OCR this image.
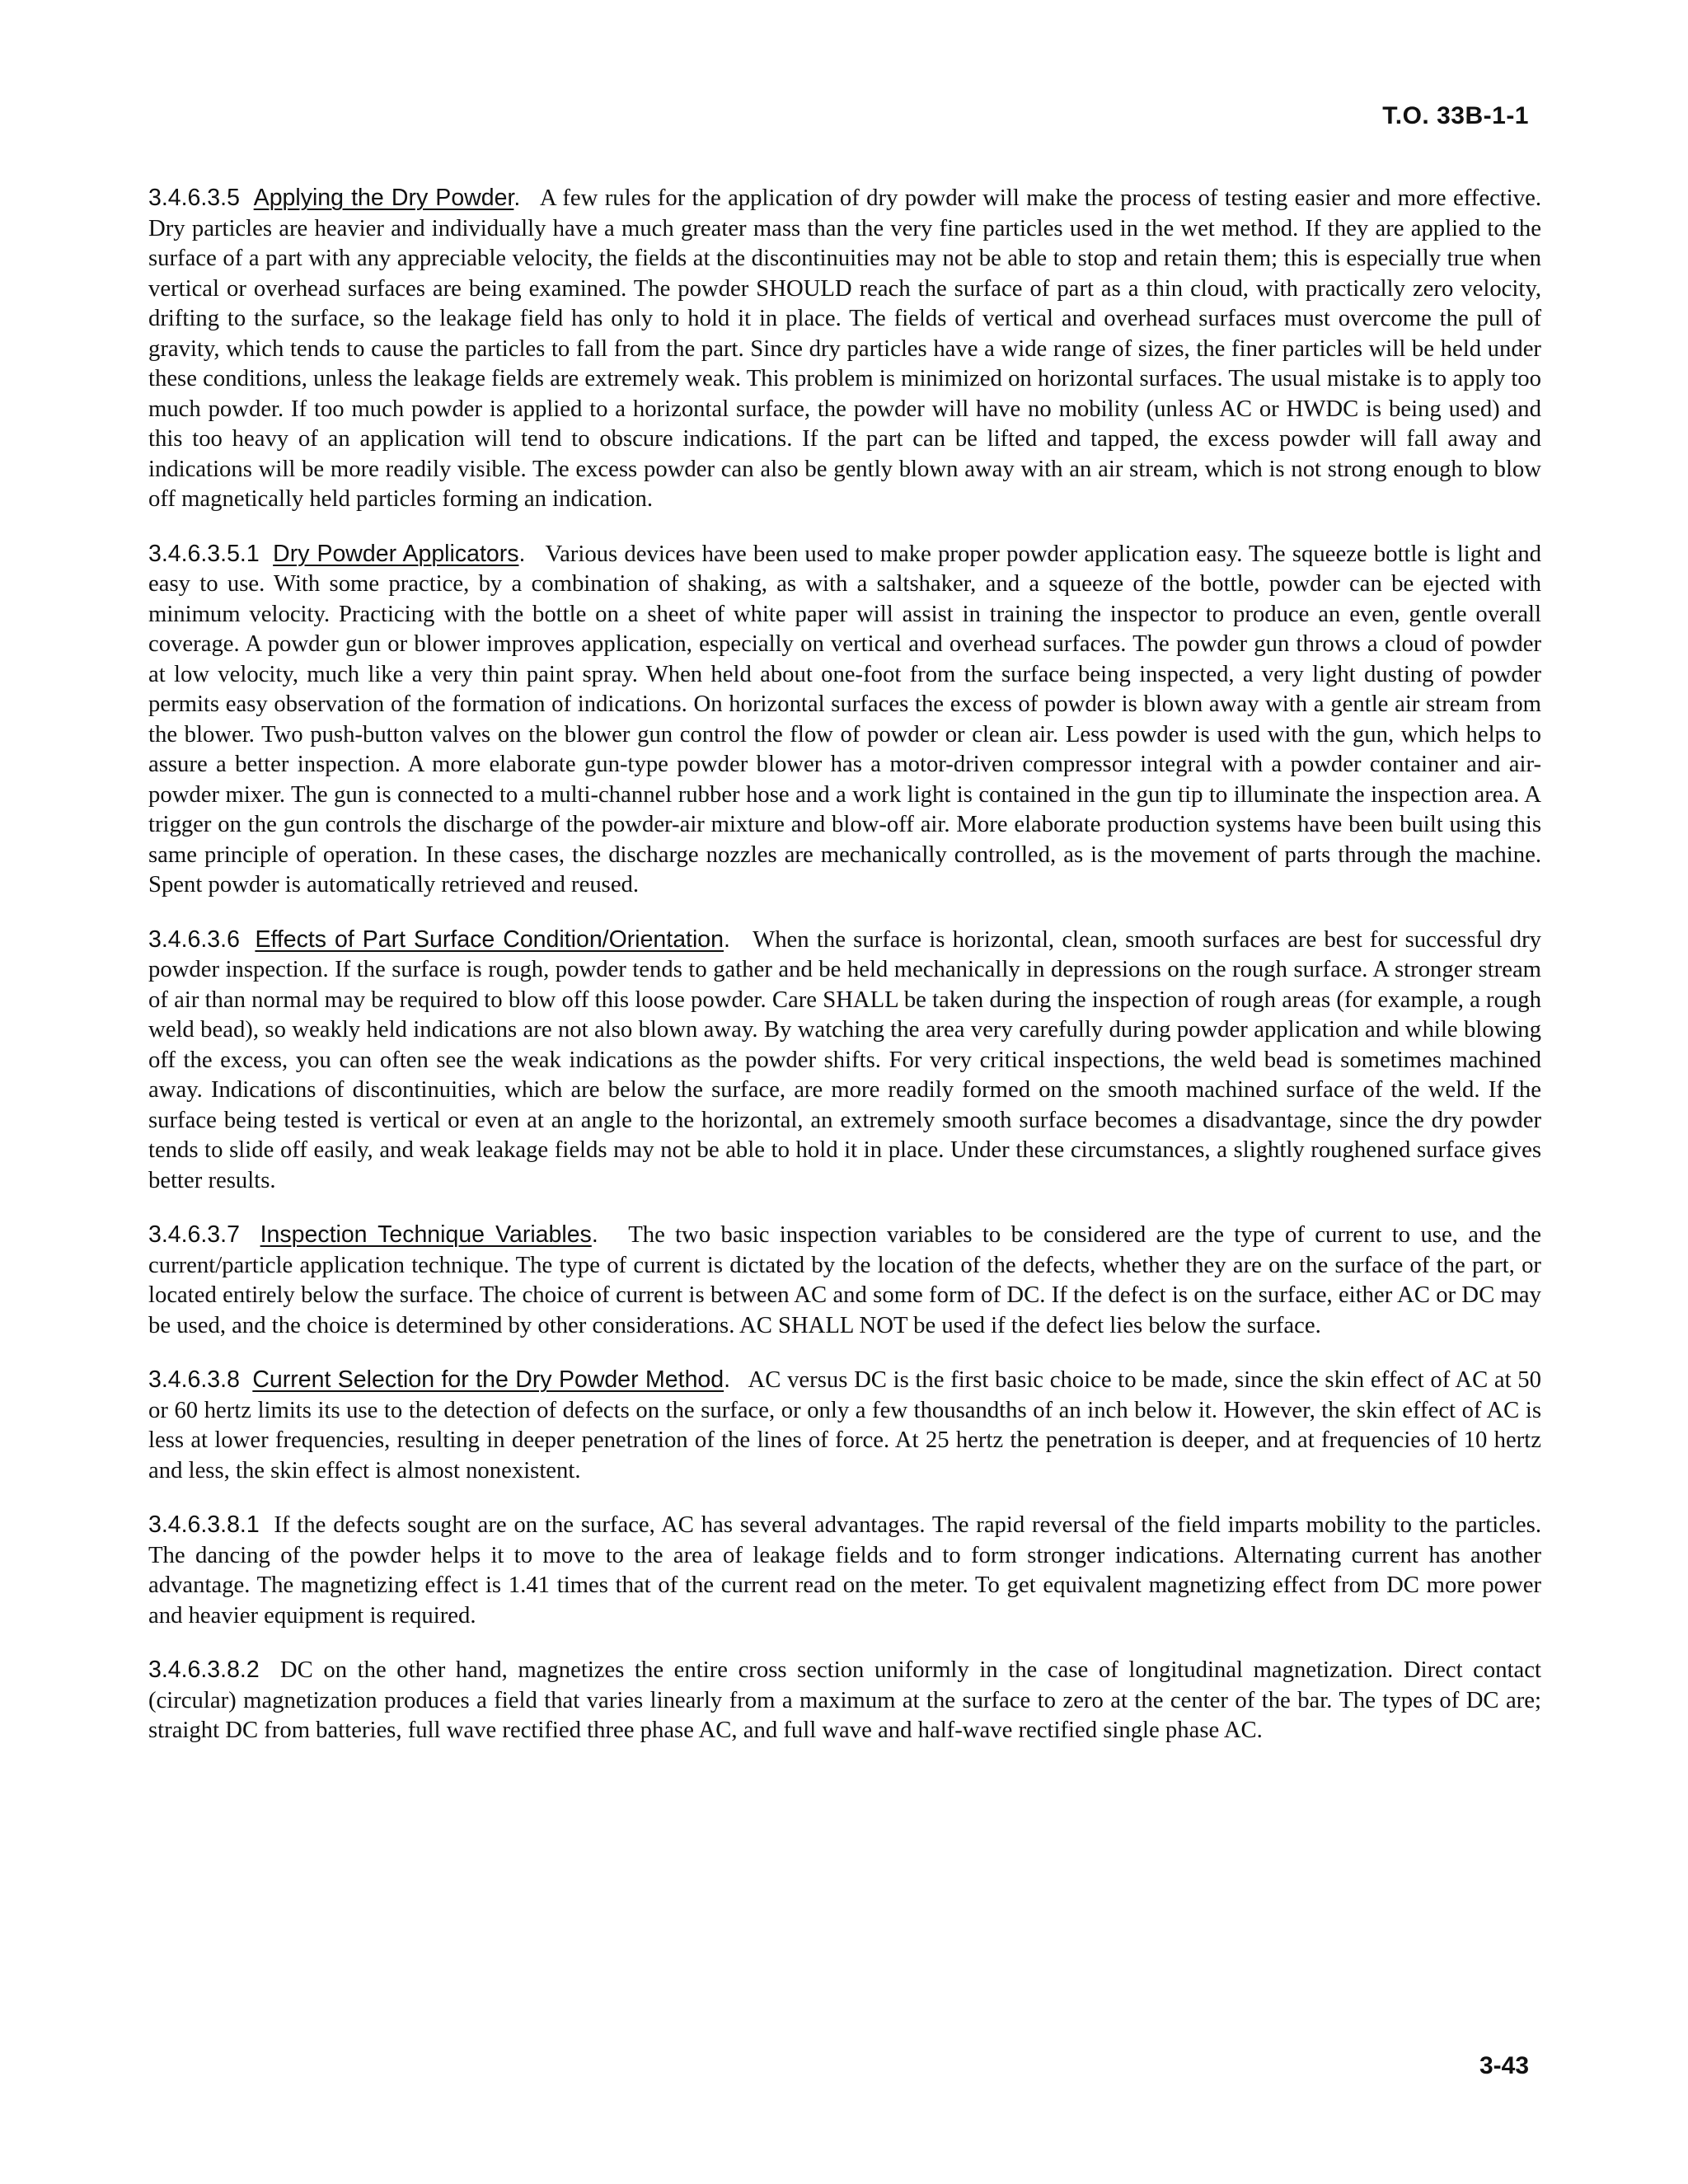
T.O. 33B-1-1

3.4.6.3.5 Applying the Dry Powder. A few rules for the application of dry powder will make the process of testing easier and more effective. Dry particles are heavier and individually have a much greater mass than the very fine particles used in the wet method. If they are applied to the surface of a part with any appreciable velocity, the fields at the discontinuities may not be able to stop and retain them; this is especially true when vertical or overhead surfaces are being examined. The powder SHOULD reach the surface of part as a thin cloud, with practically zero velocity, drifting to the surface, so the leakage field has only to hold it in place. The fields of vertical and overhead surfaces must overcome the pull of gravity, which tends to cause the particles to fall from the part. Since dry particles have a wide range of sizes, the finer particles will be held under these conditions, unless the leakage fields are extremely weak. This problem is minimized on horizontal surfaces. The usual mistake is to apply too much powder. If too much powder is applied to a horizontal surface, the powder will have no mobility (unless AC or HWDC is being used) and this too heavy of an application will tend to obscure indications. If the part can be lifted and tapped, the excess powder will fall away and indications will be more readily visible. The excess powder can also be gently blown away with an air stream, which is not strong enough to blow off magnetically held particles forming an indication.

3.4.6.3.5.1 Dry Powder Applicators. Various devices have been used to make proper powder application easy. The squeeze bottle is light and easy to use. With some practice, by a combination of shaking, as with a saltshaker, and a squeeze of the bottle, powder can be ejected with minimum velocity. Practicing with the bottle on a sheet of white paper will assist in training the inspector to produce an even, gentle overall coverage. A powder gun or blower improves application, especially on vertical and overhead surfaces. The powder gun throws a cloud of powder at low velocity, much like a very thin paint spray. When held about one-foot from the surface being inspected, a very light dusting of powder permits easy observation of the formation of indications. On horizontal surfaces the excess of powder is blown away with a gentle air stream from the blower. Two push-button valves on the blower gun control the flow of powder or clean air. Less powder is used with the gun, which helps to assure a better inspection. A more elaborate gun-type powder blower has a motor-driven compressor integral with a powder container and air-powder mixer. The gun is connected to a multi-channel rubber hose and a work light is contained in the gun tip to illuminate the inspection area. A trigger on the gun controls the discharge of the powder-air mixture and blow-off air. More elaborate production systems have been built using this same principle of operation. In these cases, the discharge nozzles are mechanically controlled, as is the movement of parts through the machine. Spent powder is automatically retrieved and reused.

3.4.6.3.6 Effects of Part Surface Condition/Orientation. When the surface is horizontal, clean, smooth surfaces are best for successful dry powder inspection. If the surface is rough, powder tends to gather and be held mechanically in depressions on the rough surface. A stronger stream of air than normal may be required to blow off this loose powder. Care SHALL be taken during the inspection of rough areas (for example, a rough weld bead), so weakly held indications are not also blown away. By watching the area very carefully during powder application and while blowing off the excess, you can often see the weak indications as the powder shifts. For very critical inspections, the weld bead is sometimes machined away. Indications of discontinuities, which are below the surface, are more readily formed on the smooth machined surface of the weld. If the surface being tested is vertical or even at an angle to the horizontal, an extremely smooth surface becomes a disadvantage, since the dry powder tends to slide off easily, and weak leakage fields may not be able to hold it in place. Under these circumstances, a slightly roughened surface gives better results.

3.4.6.3.7 Inspection Technique Variables. The two basic inspection variables to be considered are the type of current to use, and the current/particle application technique. The type of current is dictated by the location of the defects, whether they are on the surface of the part, or located entirely below the surface. The choice of current is between AC and some form of DC. If the defect is on the surface, either AC or DC may be used, and the choice is determined by other considerations. AC SHALL NOT be used if the defect lies below the surface.

3.4.6.3.8 Current Selection for the Dry Powder Method. AC versus DC is the first basic choice to be made, since the skin effect of AC at 50 or 60 hertz limits its use to the detection of defects on the surface, or only a few thousandths of an inch below it. However, the skin effect of AC is less at lower frequencies, resulting in deeper penetration of the lines of force. At 25 hertz the penetration is deeper, and at frequencies of 10 hertz and less, the skin effect is almost nonexistent.

3.4.6.3.8.1 If the defects sought are on the surface, AC has several advantages. The rapid reversal of the field imparts mobility to the particles. The dancing of the powder helps it to move to the area of leakage fields and to form stronger indications. Alternating current has another advantage. The magnetizing effect is 1.41 times that of the current read on the meter. To get equivalent magnetizing effect from DC more power and heavier equipment is required.

3.4.6.3.8.2 DC on the other hand, magnetizes the entire cross section uniformly in the case of longitudinal magnetization. Direct contact (circular) magnetization produces a field that varies linearly from a maximum at the surface to zero at the center of the bar. The types of DC are; straight DC from batteries, full wave rectified three phase AC, and full wave and half-wave rectified single phase AC.

3-43
